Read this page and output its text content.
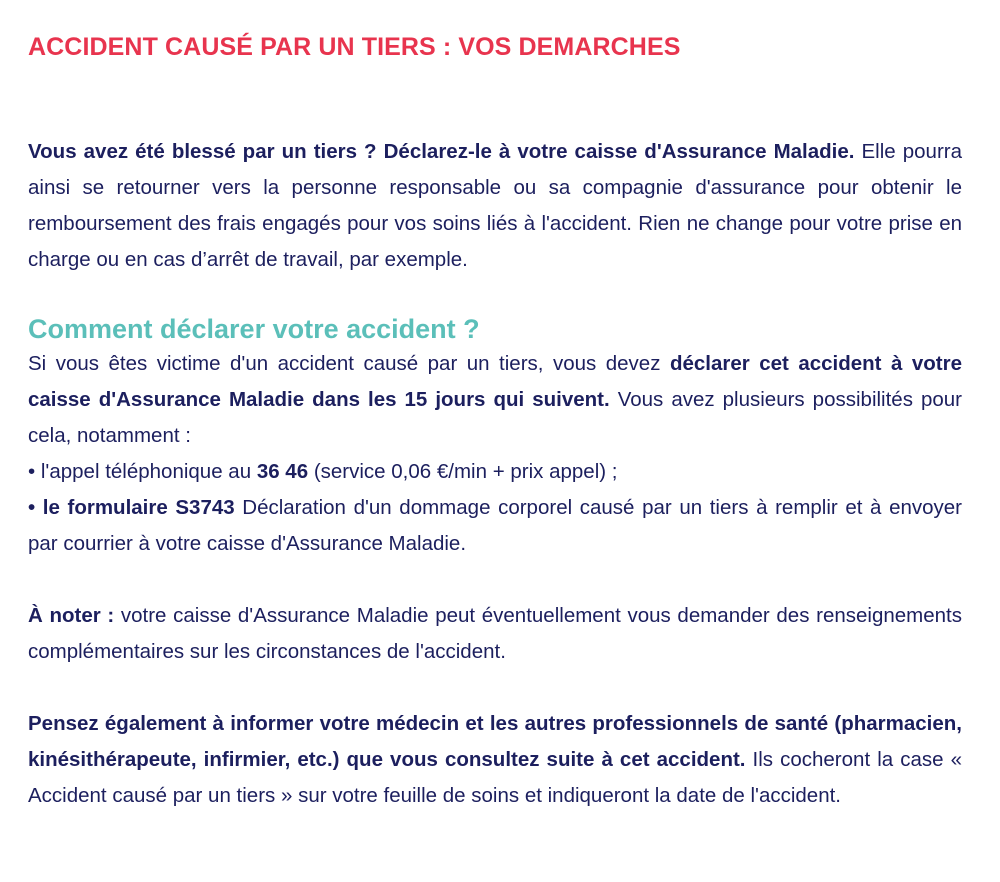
ACCIDENT CAUSÉ PAR UN TIERS : VOS DEMARCHES

Vous avez été blessé par un tiers ? Déclarez-le à votre caisse d'Assurance Maladie. Elle pourra ainsi se retourner vers la personne responsable ou sa compagnie d'assurance pour obtenir le remboursement des frais engagés pour vos soins liés à l'accident. Rien ne change pour votre prise en charge ou en cas d’arrêt de travail, par exemple.

Comment déclarer votre accident ?

Si vous êtes victime d'un accident causé par un tiers, vous devez déclarer cet accident à votre caisse d'Assurance Maladie dans les 15 jours qui suivent. Vous avez plusieurs possibilités pour cela, notamment :
• l'appel téléphonique au 36 46 (service 0,06 €/min + prix appel) ;
• le formulaire S3743 Déclaration d'un dommage corporel causé par un tiers à remplir et à envoyer par courrier à votre caisse d'Assurance Maladie.

À noter : votre caisse d'Assurance Maladie peut éventuellement vous demander des renseignements complémentaires sur les circonstances de l'accident.

Pensez également à informer votre médecin et les autres professionnels de santé (pharmacien, kinésithérapeute, infirmier, etc.) que vous consultez suite à cet accident. Ils cocheront la case « Accident causé par un tiers » sur votre feuille de soins et indiqueront la date de l'accident.
